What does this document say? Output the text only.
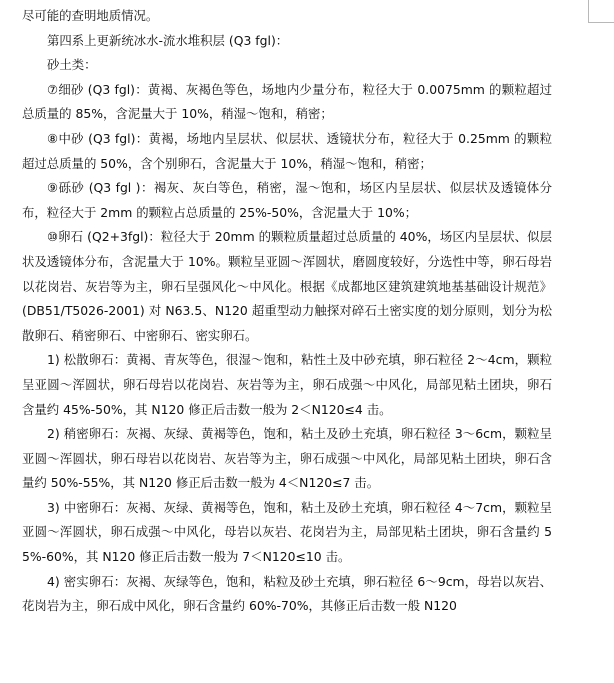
尽可能的查明地质情况。

第四系上更新统冰水-流水堆积层 (Q3 fgl)：

砂土类：

⑦细砂 (Q3 fgl)：黄褐、灰褐色等色，场地内少量分布，粒径大于 0.0075mm 的颗粒超过总质量的 85%，含泥量大于 10%，稍湿～饱和，稍密；

⑧中砂 (Q3 fgl)：黄褐，场地内呈层状、似层状、透镜状分布，粒径大于 0.25mm 的颗粒超过总质量的 50%，含个别卵石，含泥量大于 10%，稍湿～饱和，稍密；

⑨砾砂 (Q3 fgl )：褐灰、灰白等色，稍密，湿～饱和，场区内呈层状、似层状及透镜体分布，粒径大于 2mm 的颗粒占总质量的 25%-50%，含泥量大于 10%；

⑩卵石 (Q2+3fgl)：粒径大于 20mm 的颗粒质量超过总质量的 40%，场区内呈层状、似层状及透镜体分布，含泥量大于 10%。颗粒呈亚圆～浑圆状，磨圆度较好，分选性中等，卵石母岩以花岗岩、灰岩等为主，卵石呈强风化～中风化。根据《成都地区建筑建筑地基基础设计规范》(DB51/T5026-2001) 对 N63.5、N120 超重型动力触探对碎石土密实度的划分原则，划分为松散卵石、稍密卵石、中密卵石、密实卵石。

1) 松散卵石：黄褐、青灰等色，很湿～饱和，粘性土及中砂充填，卵石粒径 2～4cm，颗粒呈亚圆～浑圆状，卵石母岩以花岗岩、灰岩等为主，卵石成强～中风化，局部见粘土团块，卵石含量约 45%-50%，其 N120 修正后击数一般为 2＜N120≤4 击。

2) 稍密卵石：灰褐、灰绿、黄褐等色，饱和，粘土及砂土充填，卵石粒径 3～6cm，颗粒呈亚圆～浑圆状，卵石母岩以花岗岩、灰岩等为主，卵石成强～中风化，局部见粘土团块，卵石含量约 50%-55%，其 N120 修正后击数一般为 4＜N120≤7 击。

3) 中密卵石：灰褐、灰绿、黄褐等色，饱和，粘土及砂土充填，卵石粒径 4～7cm，颗粒呈亚圆～浑圆状，卵石成强～中风化，母岩以灰岩、花岗岩为主，局部见粘土团块，卵石含量约 55%-60%，其 N120 修正后击数一般为 7＜N120≤10 击。

4) 密实卵石：灰褐、灰绿等色，饱和，粘粒及砂土充填，卵石粒径 6～9cm，母岩以灰岩、花岗岩为主，卵石成中风化，卵石含量约 60%-70%，其修正后击数一般 N120
